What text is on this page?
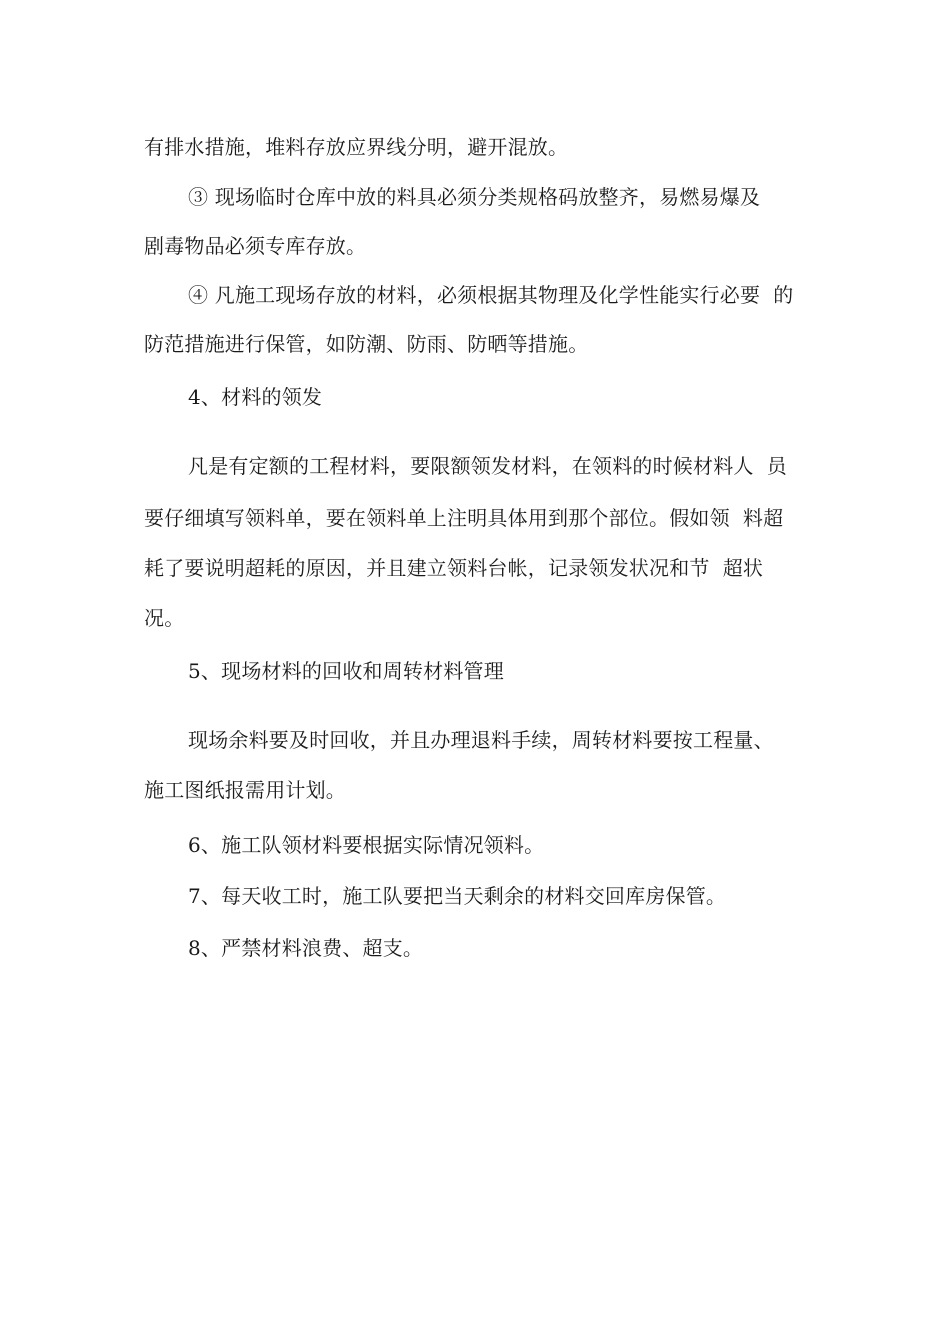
有排水措施，堆料存放应界线分明，避开混放。
③ 现场临时仓库中放的料具必须分类规格码放整齐，易燃易爆及
剧毒物品必须专库存放。
④ 凡施工现场存放的材料，必须根据其物理及化学性能实行必要  的
防范措施进行保管，如防潮、防雨、防晒等措施。
4、材料的领发
凡是有定额的工程材料，要限额领发材料，在领料的时候材料人  员
要仔细填写领料单，要在领料单上注明具体用到那个部位。假如领  料超
耗了要说明超耗的原因，并且建立领料台帐，记录领发状况和节  超状
况。
5、现场材料的回收和周转材料管理
现场余料要及时回收，并且办理退料手续，周转材料要按工程量、
施工图纸报需用计划。
6、施工队领材料要根据实际情况领料。
7、每天收工时，施工队要把当天剩余的材料交回库房保管。
8、严禁材料浪费、超支。
